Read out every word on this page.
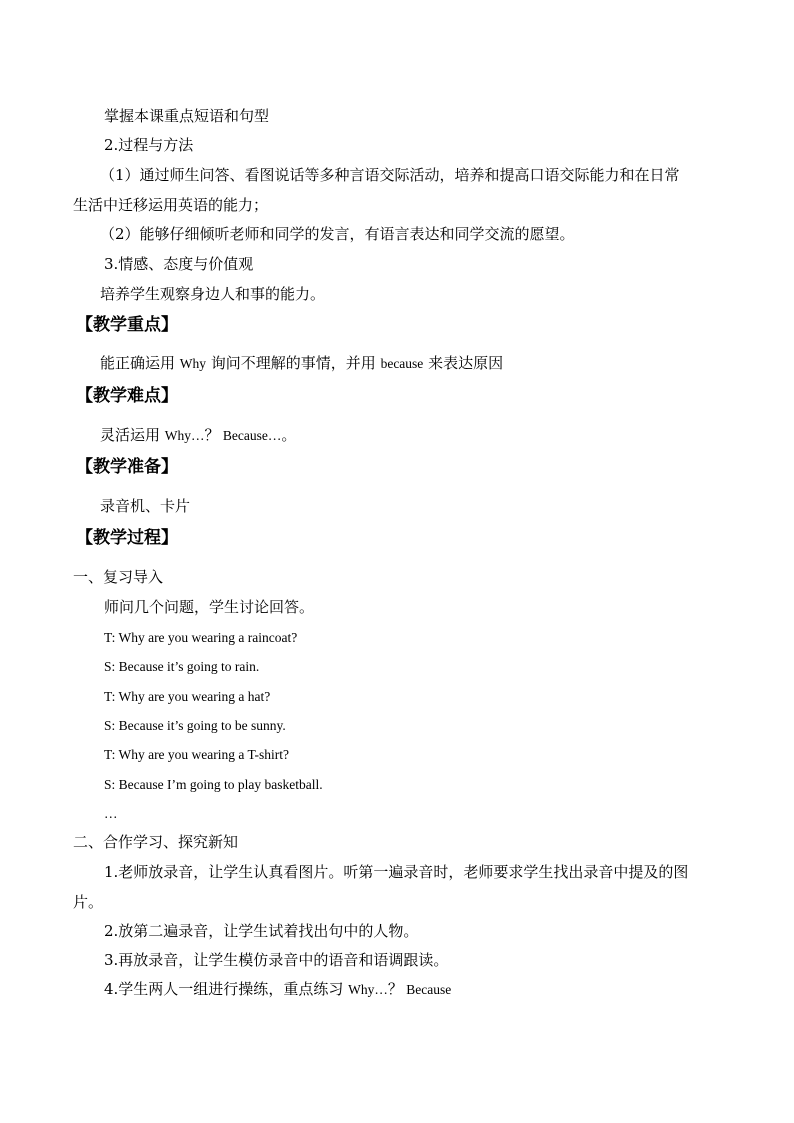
掌握本课重点短语和句型
2.过程与方法
（1）通过师生问答、看图说话等多种言语交际活动，培养和提高口语交际能力和在日常
生活中迁移运用英语的能力；
（2）能够仔细倾听老师和同学的发言，有语言表达和同学交流的愿望。
3.情感、态度与价值观
培养学生观察身边人和事的能力。
【教学重点】
能正确运用 Why 询问不理解的事情，并用 because 来表达原因
【教学难点】
灵活运用 Why…？ Because…。
【教学准备】
录音机、卡片
【教学过程】
一、复习导入
师问几个问题，学生讨论回答。
T: Why are you wearing a raincoat?
S: Because it’s going to rain.
T: Why are you wearing a hat?
S: Because it’s going to be sunny.
T: Why are you wearing a T-shirt?
S: Because I’m going to play basketball.
…
二、合作学习、探究新知
1.老师放录音，让学生认真看图片。听第一遍录音时，老师要求学生找出录音中提及的图
片。
2.放第二遍录音，让学生试着找出句中的人物。
3.再放录音，让学生模仿录音中的语音和语调跟读。
4.学生两人一组进行操练，重点练习 Why…？ Because
